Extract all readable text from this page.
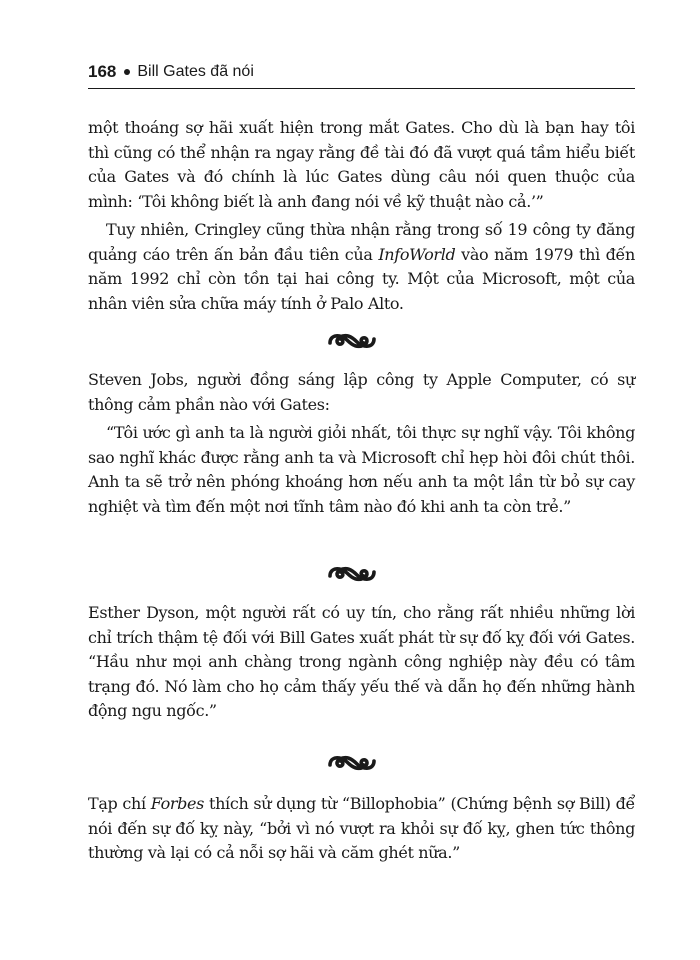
168 Bill Gates đã nói

một thoáng sợ hãi xuất hiện trong mắt Gates. Cho dù là bạn hay tôi thì cũng có thể nhận ra ngay rằng đề tài đó đã vượt quá tầm hiểu biết của Gates và đó chính là lúc Gates dùng câu nói quen thuộc của mình: ‘Tôi không biết là anh đang nói về kỹ thuật nào cả.’”

Tuy nhiên, Cringley cũng thừa nhận rằng trong số 19 công ty đăng quảng cáo trên ấn bản đầu tiên của InfoWorld vào năm 1979 thì đến năm 1992 chỉ còn tồn tại hai công ty. Một của Microsoft, một của nhân viên sửa chữa máy tính ở Palo Alto.

Steven Jobs, người đồng sáng lập công ty Apple Computer, có sự thông cảm phần nào với Gates:

“Tôi ước gì anh ta là người giỏi nhất, tôi thực sự nghĩ vậy. Tôi không sao nghĩ khác được rằng anh ta và Microsoft chỉ hẹp hòi đôi chút thôi. Anh ta sẽ trở nên phóng khoáng hơn nếu anh ta một lần từ bỏ sự cay nghiệt và tìm đến một nơi tĩnh tâm nào đó khi anh ta còn trẻ.”

Esther Dyson, một người rất có uy tín, cho rằng rất nhiều những lời chỉ trích thậm tệ đối với Bill Gates xuất phát từ sự đố kỵ đối với Gates. “Hầu như mọi anh chàng trong ngành công nghiệp này đều có tâm trạng đó. Nó làm cho họ cảm thấy yếu thế và dẫn họ đến những hành động ngu ngốc.”

Tạp chí Forbes thích sử dụng từ “Billophobia” (Chứng bệnh sợ Bill) để nói đến sự đố kỵ này, “bởi vì nó vượt ra khỏi sự đố kỵ, ghen tức thông thường và lại có cả nỗi sợ hãi và căm ghét nữa.”
